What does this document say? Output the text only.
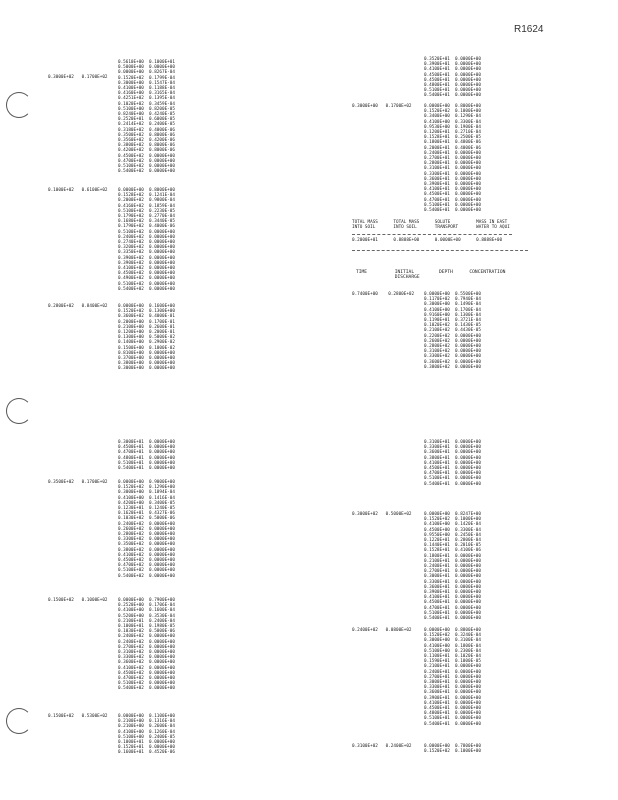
R1624
0.3000E+02   0.1700E+02
0.5610E+00  0.1000E+01
0.5000E+00  0.0000E+00
0.0000E+00  0.8267E-04
0.1520E+02  0.1799E-04
0.3000E+00  0.1547E-04
0.4100E+00  0.1188E-04
0.4160E+00  0.3165E-04
0.4251E+02  0.1395E-04
0.1020E+02  0.3459E-04
0.5100E+00  0.8200E-05
0.8240E+00  0.4240E-05
0.2520E+01  0.6000E-05
0.2414E+02  0.2400E-05
0.3180E+02  0.4000E-06
0.3500E+02  0.8000E-06
0.3560E+02  0.4200E-06
0.3800E+02  0.8000E-06
0.4200E+02  0.8000E-06
0.4500E+02  0.0000E+00
0.4700E+02  0.0000E+00
0.5100E+02  0.0000E+00
0.5400E+02  0.0000E+00
0.1000E+02   0.6100E+02 0.0000E+00  0.8000E+00
0.1528E+02  0.1241E-04
0.2000E+02  0.9800E-04
0.4160E+02  0.1859E-04
0.5100E+02  0.2230E-05
0.1790E+02  0.2770E-04
0.1680E+02  0.3440E-05
0.1790E+02  0.4000E-06
0.5100E+02  0.0000E+00
0.2400E+02  0.0000E+00
0.2740E+02  0.0000E+00
0.3200E+02  0.0000E+00
0.3350E+02  0.0000E+00
0.3900E+02  0.0000E+00
0.3900E+02  0.0000E+00
0.4100E+02  0.0000E+00
0.4500E+02  0.0000E+00
0.4900E+02  0.0000E+00
0.5100E+02  0.0000E+00
0.5400E+02  0.0000E+00
0.2800E+02   0.8400E+02 0.0000E+00  0.1600E+00
0.1520E+02  0.1300E+00
0.3600E+02  0.4000E-01
0.2000E+00  0.1700E-01
0.2100E+00  0.2600E-01
0.1200E+00  0.2000E-01
0.1300E+00  0.5000E-02
0.1400E+00  0.2900E-02
0.1500E+00  0.1000E-02
0.8100E+00  0.0000E+00
0.3700E+00  0.0000E+00
0.3800E+00  0.0000E+00
0.3000E+00  0.0000E+00
0.3000E+01  0.0000E+00
0.4500E+01  0.0000E+00
0.4700E+01  0.0000E+00
0.4800E+01  0.0000E+00
0.5100E+01  0.0000E+00
0.5400E+01  0.0000E+00
0.3500E+02   0.1700E+02 0.0000E+00  0.9000E+00
0.1520E+02  0.1290E+00
0.3000E+00  0.1094E-04
0.4100E+00  0.1416E-04
0.4200E+00  0.3400E-05
0.1230E+01  0.1240E-05
0.1620E+01  0.4327E-06
0.1030E+02  0.5000E-06
0.2400E+02  0.0000E+00
0.2600E+02  0.0000E+00
0.2800E+02  0.0000E+00
0.3300E+02  0.0000E+00
0.3500E+02  0.0000E+00
0.3800E+02  0.0000E+00
0.4100E+02  0.0000E+00
0.4500E+02  0.0000E+00
0.4700E+02  0.0000E+00
0.5100E+02  0.0000E+00
0.5400E+02  0.0000E+00
0.1500E+02   0.1000E+02 0.0000E+00  0.7900E+00
0.2520E+00  0.1706E-04
0.4100E+00  0.1600E-04
0.5200E+00  0.3530E-04
0.2100E+01  0.2400E-04
0.1000E+01  0.1980E-05
0.1030E+02  0.5000E-06
0.2400E+02  0.0000E+00
0.2400E+02  0.0000E+00
0.2700E+02  0.0000E+00
0.3100E+02  0.0000E+00
0.3300E+02  0.0000E+00
0.3600E+02  0.0000E+00
0.4100E+02  0.0000E+00
0.4500E+02  0.0000E+00
0.4700E+02  0.0000E+00
0.5100E+02  0.0000E+00
0.5400E+02  0.0000E+00
0.1500E+02   0.5300E+02 0.0000E+00  0.1100E+00
0.2100E+00  0.1316E-04
0.2100E+00  0.2600E-04
0.4100E+00  0.1260E-04
0.5100E+00  0.2400E-05
0.1000E+01  0.0000E+00
0.1520E+01  0.0000E+00
0.1600E+01  0.4520E-06
0.3520E+01  0.0000E+00
0.3900E+01  0.0000E+00
0.4100E+01  0.0000E+00
0.4500E+01  0.0000E+00
0.4500E+01  0.0000E+00
0.4800E+01  0.0000E+00
0.5100E+01  0.0000E+00
0.5400E+01  0.0000E+00
0.3000E+00   0.1700E+02	0.0000E+00  0.8000E+00
0.1520E+02  0.1000E+00
0.3400E+00  0.1290E-04
0.4100E+00  0.3300E-04
0.9530E+00  0.1900E-04
0.1200E+01  0.2710E-04
0.1528E+01  0.2500E-05
0.1800E+01  0.4800E-06
0.2000E+01  0.4000E-06
0.2400E+01  0.0000E+00
0.2700E+01  0.0000E+00
0.2800E+01  0.0000E+00
0.3100E+01  0.0000E+00
0.3300E+01  0.0000E+00
0.3600E+01  0.0000E+00
0.3900E+01  0.0000E+00
0.4100E+01  0.0000E+00
0.4500E+01  0.0000E+00
0.4700E+01  0.0000E+00
0.5100E+01  0.0000E+00
0.5400E+01  0.0000E+00
TOTAL MASS      TOTAL MASS      SOLUTE          MASS IN EAST
INTO SOIL       INTO SOIL       TRANSPORT       WATER TO AQUI
0.2000E+01      0.8888E+00      0.0000E+00      0.8888E+00
TIME          INITIAL         DEPTH      CONCENTRATION
DISCHARGE
0.7400E+00    0.2800E+02 0.0000E+00  0.5500E+00
0.1170E+02  0.7940E-04
0.3000E+00  0.1490E-04
0.4100E+00  0.1700E-04
0.9160E+00  0.1300E-04
0.1190E+01  0.3721E-04
0.1020E+02  0.1430E-05
0.2100E+02  0.4430E-05
0.2200E+02  0.0000E+00
0.2600E+02  0.0000E+00
0.2800E+02  0.0000E+00
0.3100E+02  0.0000E+00
0.3300E+02  0.0000E+00
0.3600E+02  0.0000E+00
0.3800E+02  0.0000E+00
0.3100E+01  0.0000E+00
0.3300E+01  0.0000E+00
0.3600E+01  0.0000E+00
0.3800E+01  0.0000E+00
0.4100E+01  0.0000E+00
0.4500E+01  0.0000E+00
0.4700E+01  0.0000E+00
0.5100E+01  0.0000E+00
0.5400E+01  0.0000E+00
0.3000E+02   0.5000E+02	0.0000E+00  0.8247E+00
0.1520E+02  0.1000E+00
0.4100E+00  0.1420E-04
0.4500E+00  0.3300E-04
0.9550E+00  0.2450E-04
0.1220E+01  0.2800E-04
0.1440E+01  0.2010E-05
0.1528E+01  0.4100E-06
0.1800E+01  0.0000E+00
0.2100E+01  0.0000E+00
0.2400E+01  0.0000E+00
0.2700E+01  0.0000E+00
0.3000E+01  0.0000E+00
0.3300E+01  0.0000E+00
0.3600E+01  0.0000E+00
0.3900E+01  0.0000E+00
0.4100E+01  0.0000E+00
0.4500E+01  0.0000E+00
0.4700E+01  0.0000E+00
0.5100E+01  0.0000E+00
0.5400E+01  0.0000E+00
0.2400E+02   0.0800E+02	0.0000E+00  0.8800E+00
0.1520E+02  0.3240E-04
0.3000E+00  0.3100E-04
0.4100E+00  0.1800E-04
0.5100E+00  0.2300E-04
0.1100E+01  0.1020E-04
0.1590E+01  0.1000E-05
0.2100E+01  0.0000E+00
0.2400E+01  0.0000E+00
0.2700E+01  0.0000E+00
0.3000E+01  0.0000E+00
0.3300E+01  0.0000E+00
0.3600E+01  0.0000E+00
0.3900E+01  0.0000E+00
0.4100E+01  0.0000E+00
0.4500E+01  0.0000E+00
0.4800E+01  0.0000E+00
0.5100E+01  0.0000E+00
0.5400E+01  0.0000E+00
0.3100E+02   0.2400E+02	0.0000E+00  0.7800E+00
0.1520E+02  0.1000E+00
